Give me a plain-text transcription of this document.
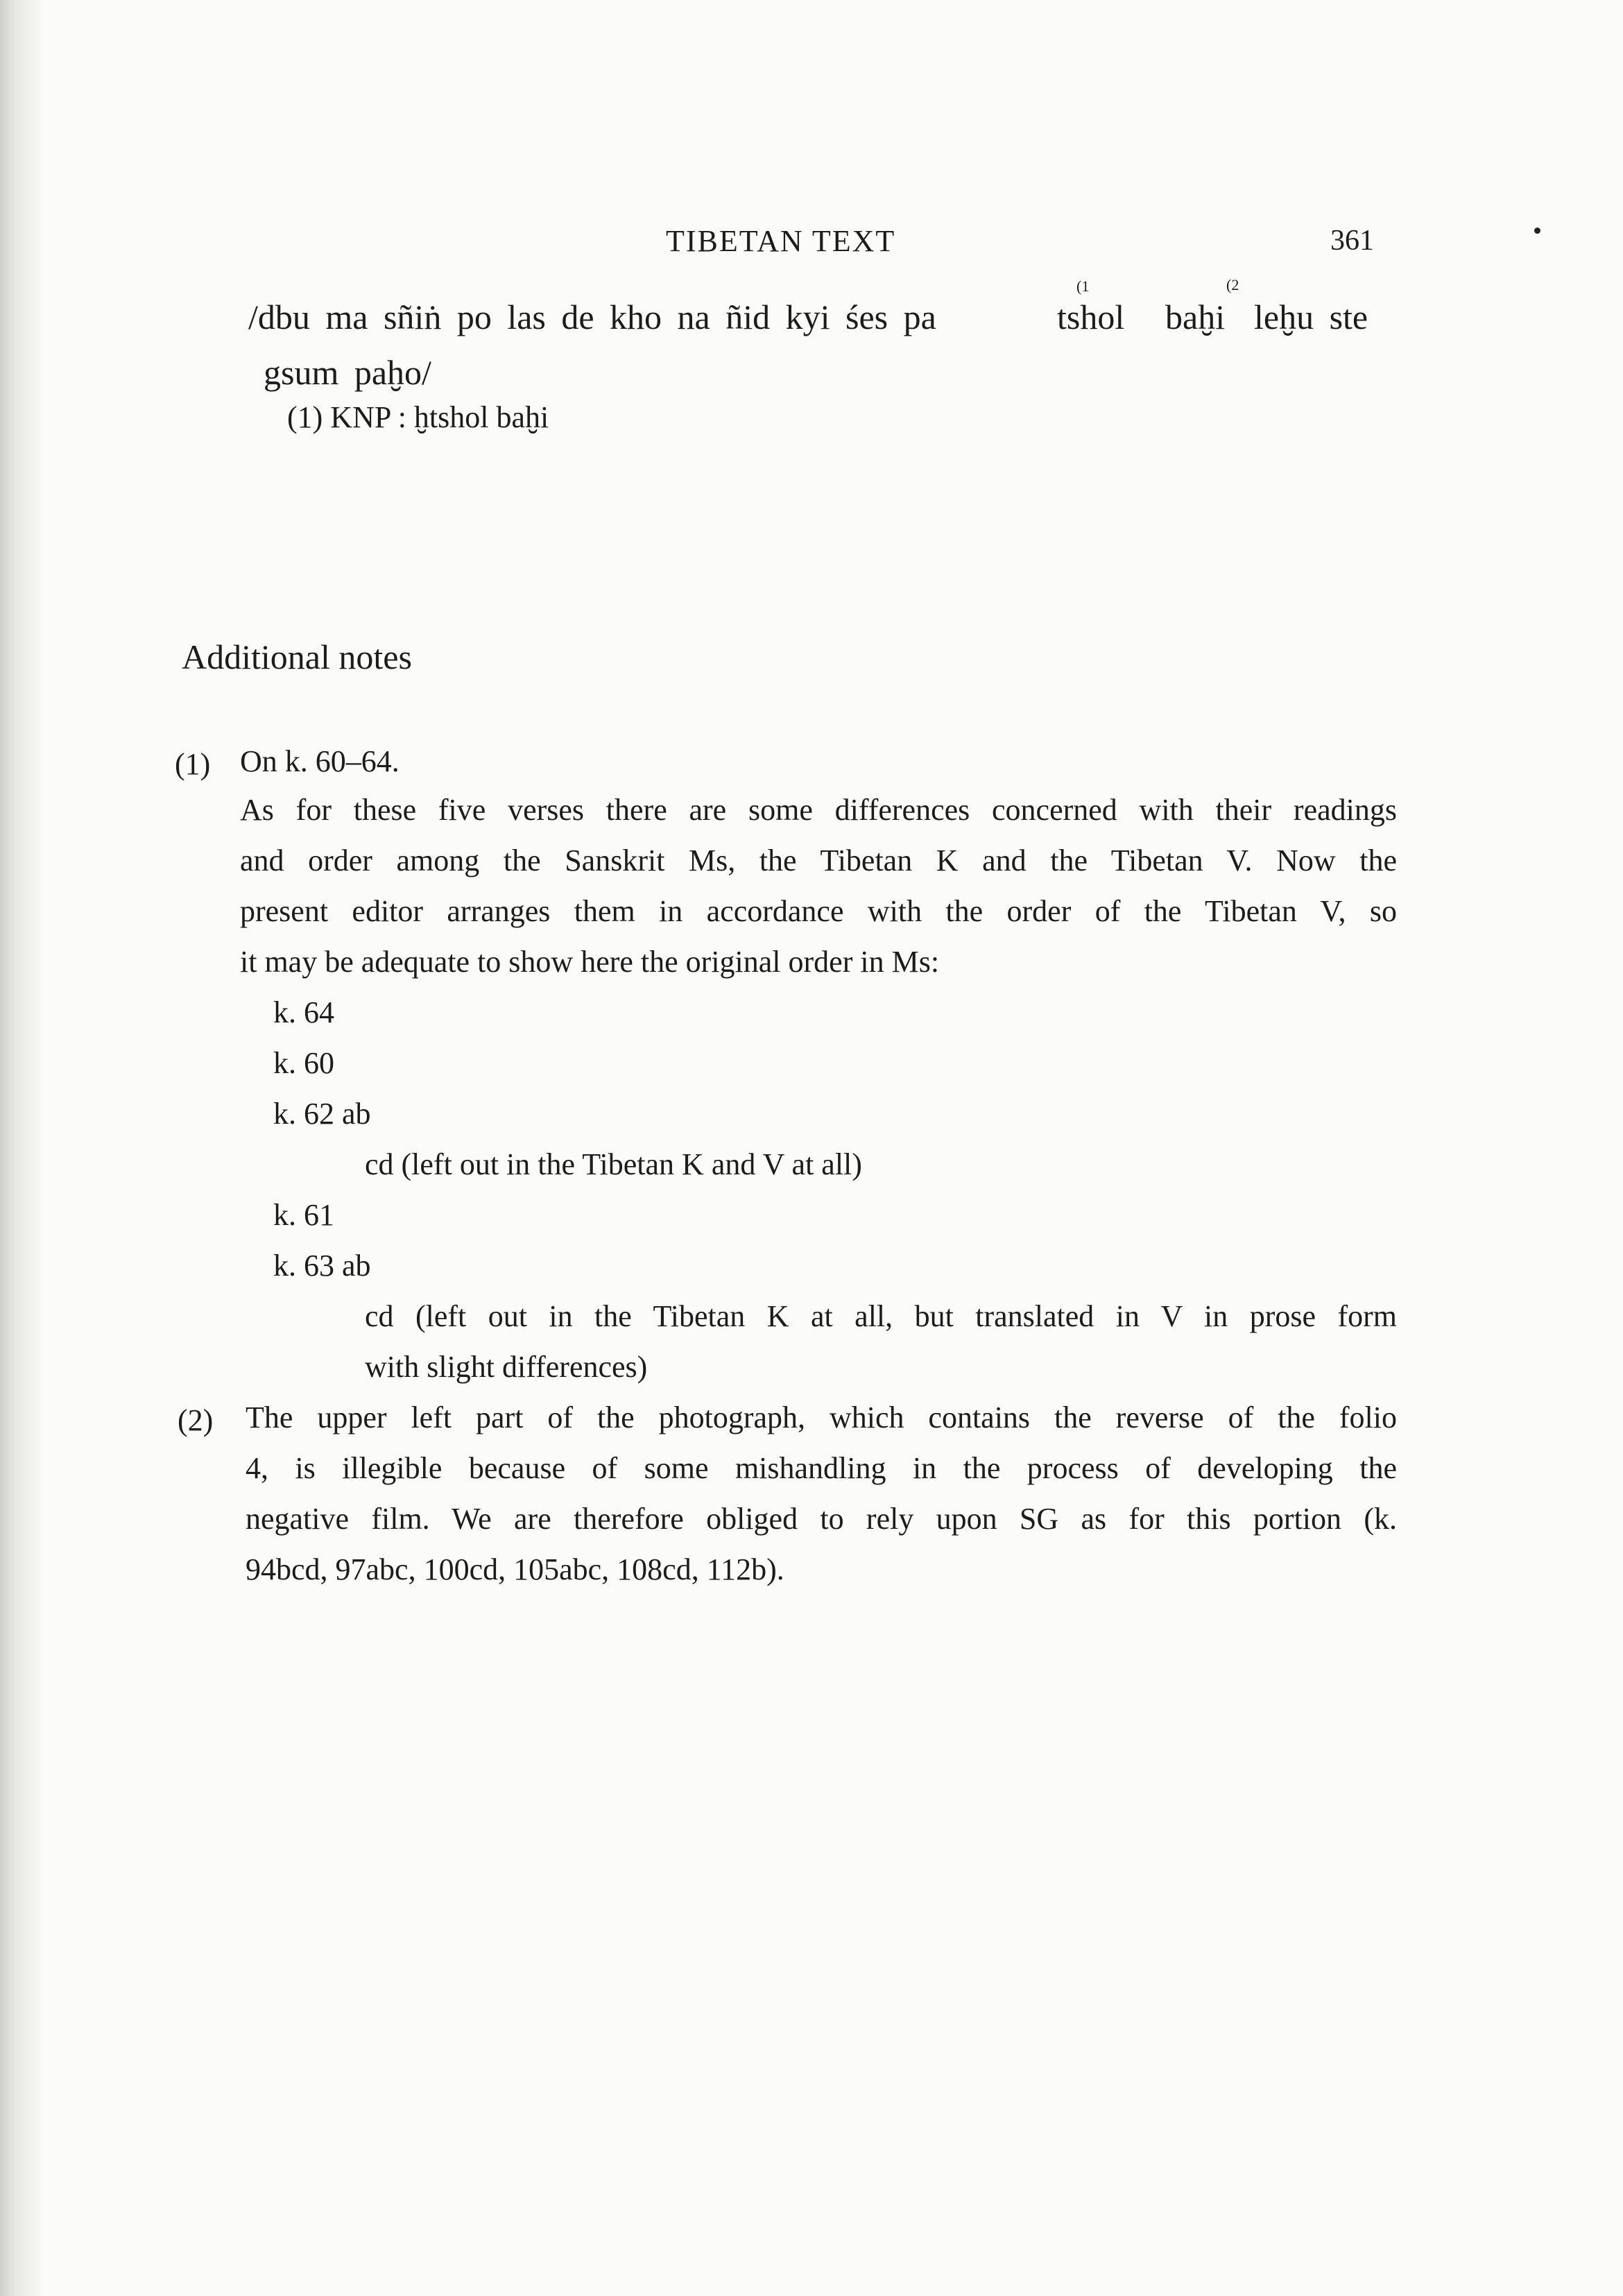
TIBETAN TEXT	361
(1	(2
/dbu ma sñiṅ po las de kho na ñid kyi śes pa	tshol baḫi leḫu ste
gsum paḫo/
(1) KNP : ḫtshol baḫi
Additional notes
(1) On k. 60–64.
As for these five verses there are some differences concerned with their readings
and order among the Sanskrit Ms, the Tibetan K and the Tibetan V. Now the
present editor arranges them in accordance with the order of the Tibetan V, so
it may be adequate to show here the original order in Ms:
k. 64
k. 60
k. 62 ab
cd (left out in the Tibetan K and V at all)
k. 61
k. 63 ab
cd (left out in the Tibetan K at all, but translated in V in prose form
with slight differences)
(2) The upper left part of the photograph, which contains the reverse of the folio
4, is illegible because of some mishandling in the process of developing the
negative film. We are therefore obliged to rely upon SG as for this portion (k.
94bcd, 97abc, 100cd, 105abc, 108cd, 112b).
